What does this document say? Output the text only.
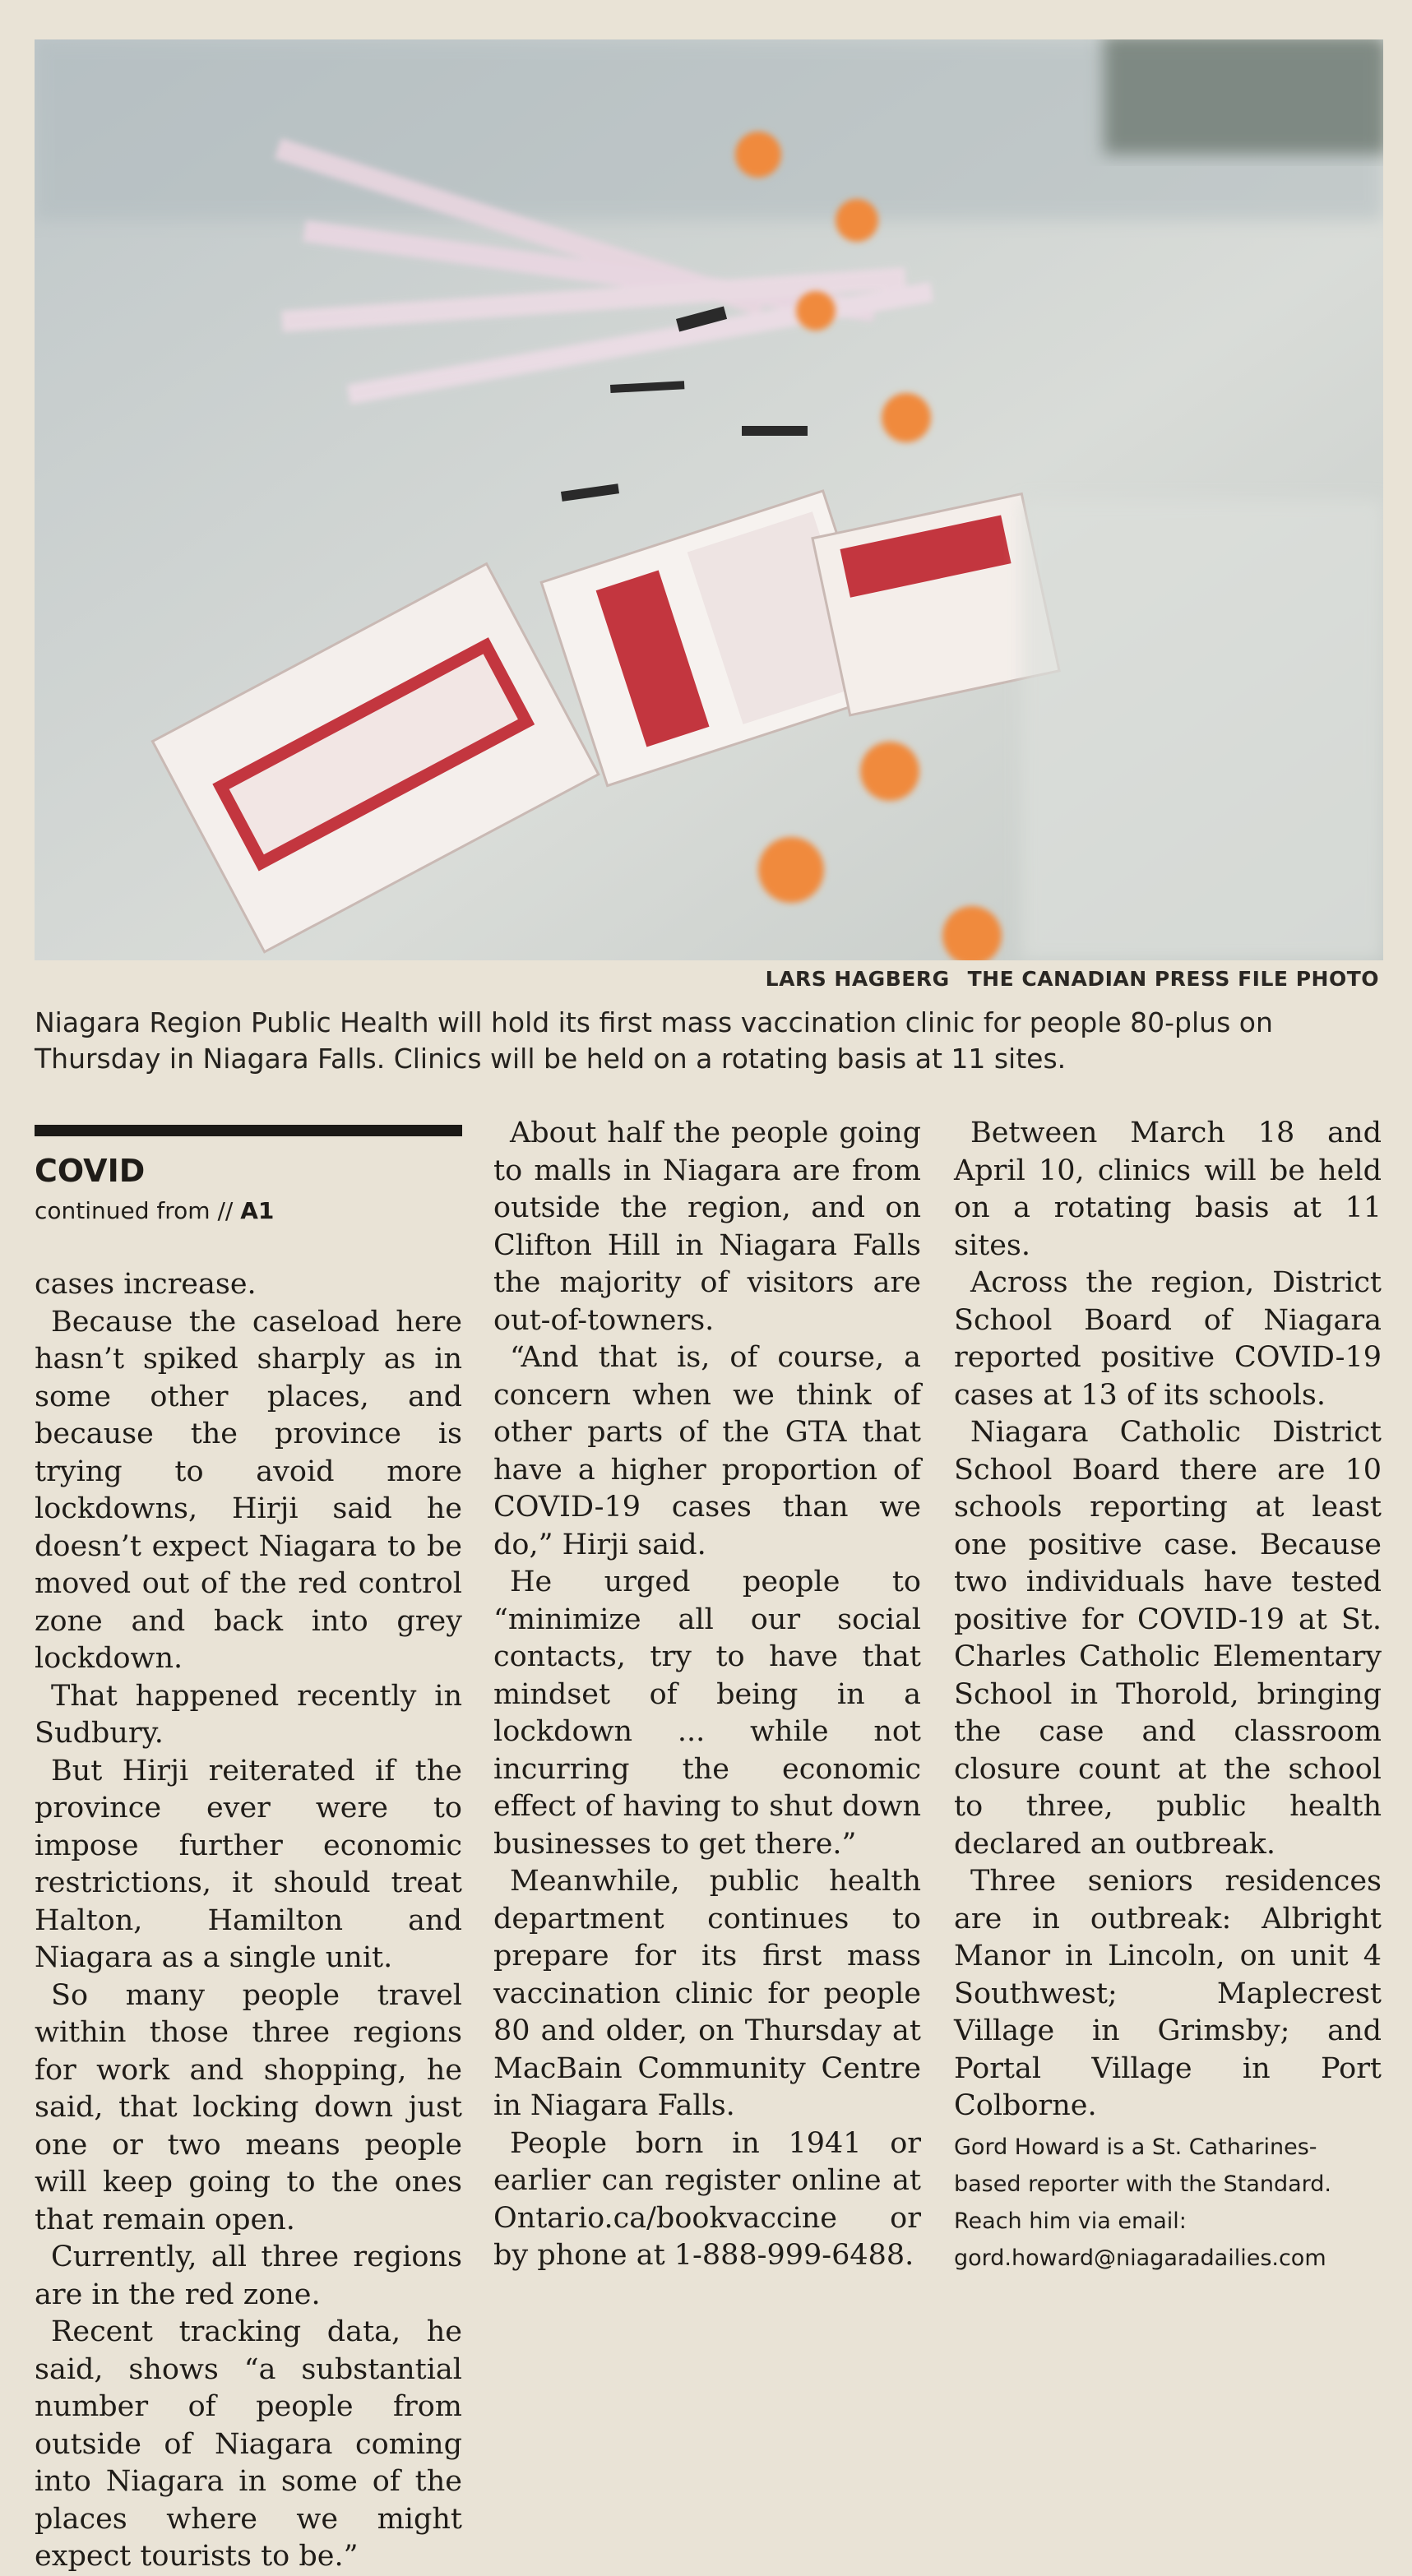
LARS HAGBERG THE CANADIAN PRESS FILE PHOTO
Niagara Region Public Health will hold its first mass vaccination clinic for people 80-plus on Thursday in Niagara Falls. Clinics will be held on a rotating basis at 11 sites.
COVID
continued from // A1

cases increase.

Because the caseload here hasn’t spiked sharply as in some other places, and because the province is trying to avoid more lockdowns, Hirji said he doesn’t expect Niagara to be moved out of the red control zone and back into grey lockdown.

That happened recently in Sudbury.

But Hirji reiterated if the province ever were to impose further economic restrictions, it should treat Halton, Hamilton and Niagara as a single unit.

So many people travel within those three regions for work and shopping, he said, that locking down just one or two means people will keep going to the ones that remain open.

Currently, all three regions are in the red zone.

Recent tracking data, he said, shows “a substantial number of people from outside of Niagara coming into Niagara in some of the places where we might expect tourists to be.”

About half the people going to malls in Niagara are from outside the region, and on Clifton Hill in Niagara Falls the majority of visitors are out-of-towners.

“And that is, of course, a concern when we think of other parts of the GTA that have a higher proportion of COVID-19 cases than we do,” Hirji said.

He urged people to “minimize all our social contacts, try to have that mindset of being in a lockdown ... while not incurring the economic effect of having to shut down businesses to get there.”

Meanwhile, public health department continues to prepare for its first mass vaccination clinic for people 80 and older, on Thursday at MacBain Community Centre in Niagara Falls.

People born in 1941 or earlier can register online at Ontario.ca/bookvaccine or by phone at 1-888-999-6488.

Between March 18 and April 10, clinics will be held on a rotating basis at 11 sites.

Across the region, District School Board of Niagara reported positive COVID-19 cases at 13 of its schools.

Niagara Catholic District School Board there are 10 schools reporting at least one positive case. Because two individuals have tested positive for COVID-19 at St. Charles Catholic Elementary School in Thorold, bringing the case and classroom closure count at the school to three, public health declared an outbreak.

Three seniors residences are in outbreak: Albright Manor in Lincoln, on unit 4 Southwest; Maplecrest Village in Grimsby; and Portal Village in Port Colborne.

Gord Howard is a St. Catharines-
based reporter with the Standard.
Reach him via email:
gord.howard@niagaradailies.com
